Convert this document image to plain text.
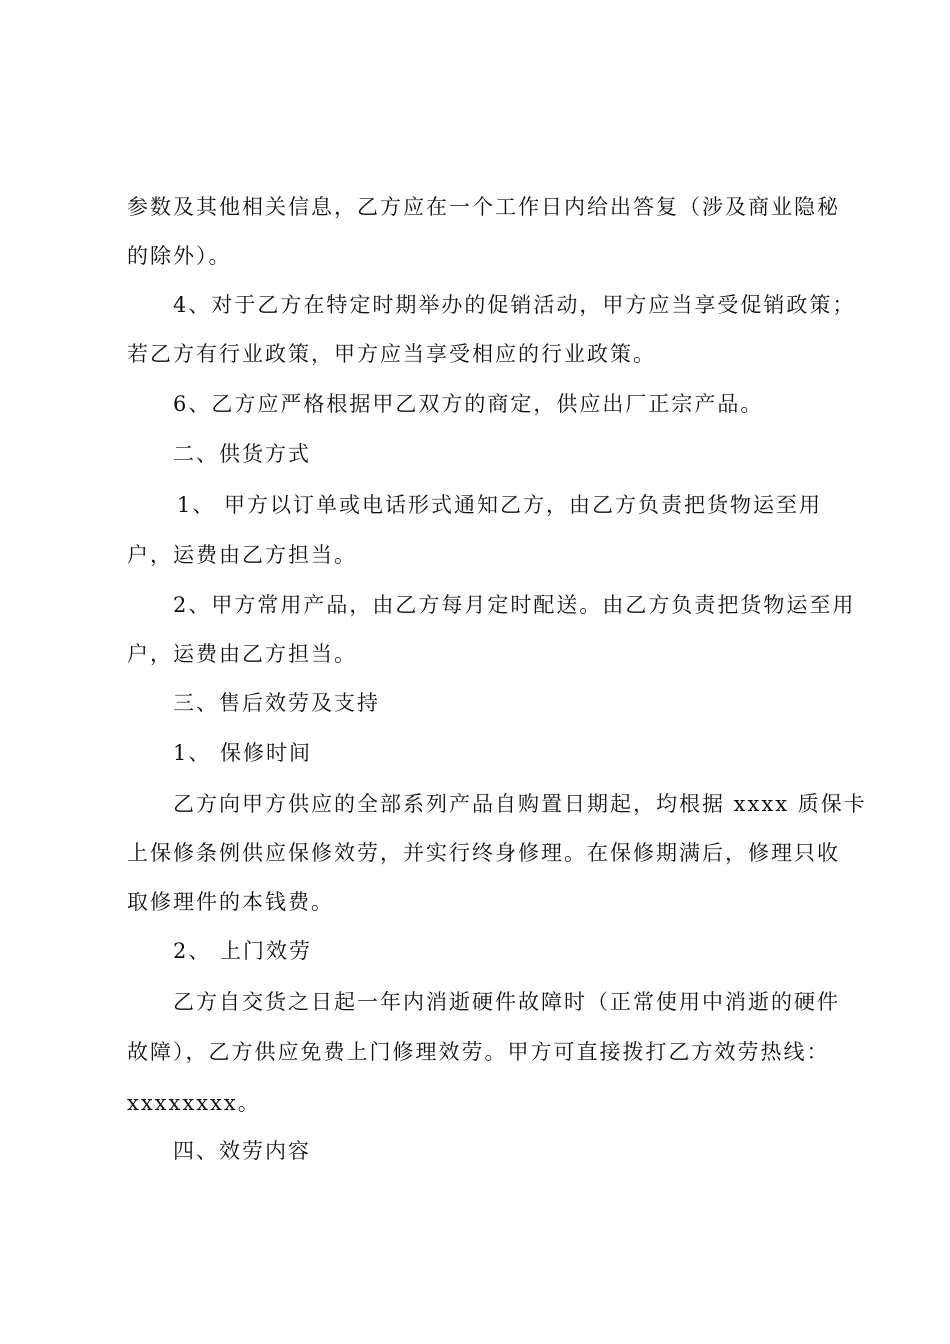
参数及其他相关信息，乙方应在一个工作日内给出答复（涉及商业隐秘
的除外）。
4、对于乙方在特定时期举办的促销活动，甲方应当享受促销政策；
若乙方有行业政策，甲方应当享受相应的行业政策。
6、乙方应严格根据甲乙双方的商定，供应出厂正宗产品。
二、供货方式
1、 甲方以订单或电话形式通知乙方，由乙方负责把货物运至用
户，运费由乙方担当。
2、甲方常用产品，由乙方每月定时配送。由乙方负责把货物运至用
户，运费由乙方担当。
三、售后效劳及支持
1、 保修时间
乙方向甲方供应的全部系列产品自购置日期起，均根据 xxxx 质保卡
上保修条例供应保修效劳，并实行终身修理。在保修期满后，修理只收
取修理件的本钱费。
2、 上门效劳
乙方自交货之日起一年内消逝硬件故障时（正常使用中消逝的硬件
故障），乙方供应免费上门修理效劳。甲方可直接拨打乙方效劳热线：
xxxxxxxx。
四、效劳内容
